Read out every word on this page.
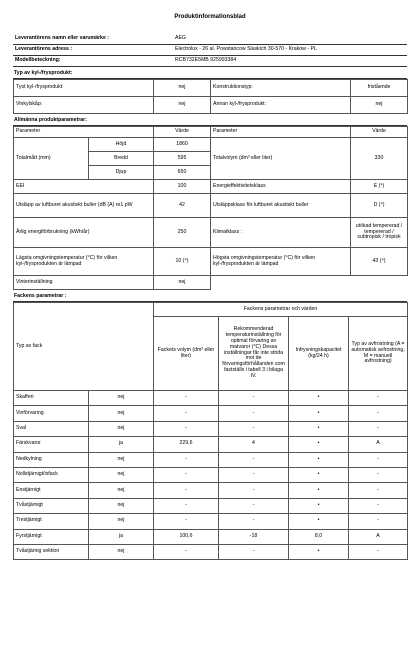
Produktinformationsblad
Leverantörens namn eller varumärke :	AEG
Leverantörens adress :	Electrolux - 26 al. Powstancow Slaskich 30-570 - Krakow - PL
Modellbeteckning:	RCB732E5MB 925993384
Typ av kyl-/frysprodukt:
Tyst kyl-/frysprodukt:	nej	Konstruktionstyp:	fristående
Vinkylskåp:	nej	Annan kyl-/frysprodukt:	nej
Allmänna produktparametrar:
Parameter		Värde	Parameter	Värde
Totalmått (mm)	Höjd	1860	Totalvolym (dm³ eller liter)	330
	Bredd	595		
	Djup	650		
EEI		100	Energieffektivitetsklass	E (⁴)
Utsläpp av luftburet akustiskt buller (dB (A) re1 pW		42	Utsläppsklass för luftburet akustiskt buller	D (⁴)
Årlig energiförbrukning (kWh/år)		250	Klimatklass :	utökad tempererad / tempererad / subtropisk / tropisk
Lägsta omgivningstemperatur (°C) för vilken kyl-/frysprodukten är lämpad		10 (⁴)	Högsta omgivningstemperatur (°C) för vilken kyl-/frysprodukten är lämpad	43 (⁴)
Vinterinställning		nej		
Fackens parametrar :
Typ av fack		Fackens parametrar och värden			
		Fackets volym (dm³ eller liter)	Rekommenderad temperaturinställning för optimal förvaring av matvaror (°C) Dessa inställningar får inte strida mot de förvaringsförhållanden som fastställs i tabell 3 i bilaga IV.	Infrysningskapacitet (kg/24 h)	Typ av avfrostning (A = automatisk avfrostning, M = manuell avfrostning)
Skafferi	nej	-	-	•	-
Vinförvaring	nej	-	-	•	-
Sval	nej	-	-	•	-
Färskvaror	ja	229,6	4	•	A
Nedkylning	nej	-	-	•	-
Nollstjärnigt/isfack	nej	-	-	•	-
Enstjärnigt	nej	-	-	•	-
Tvåstjärnigt	nej	-	-	•	-
Trestjärnigt	nej	-	-	•	-
Fyrstjärnigt	ja	100,6	-18	8,0	A
Tvåstjärnig sektion	nej	-	-	•	-
